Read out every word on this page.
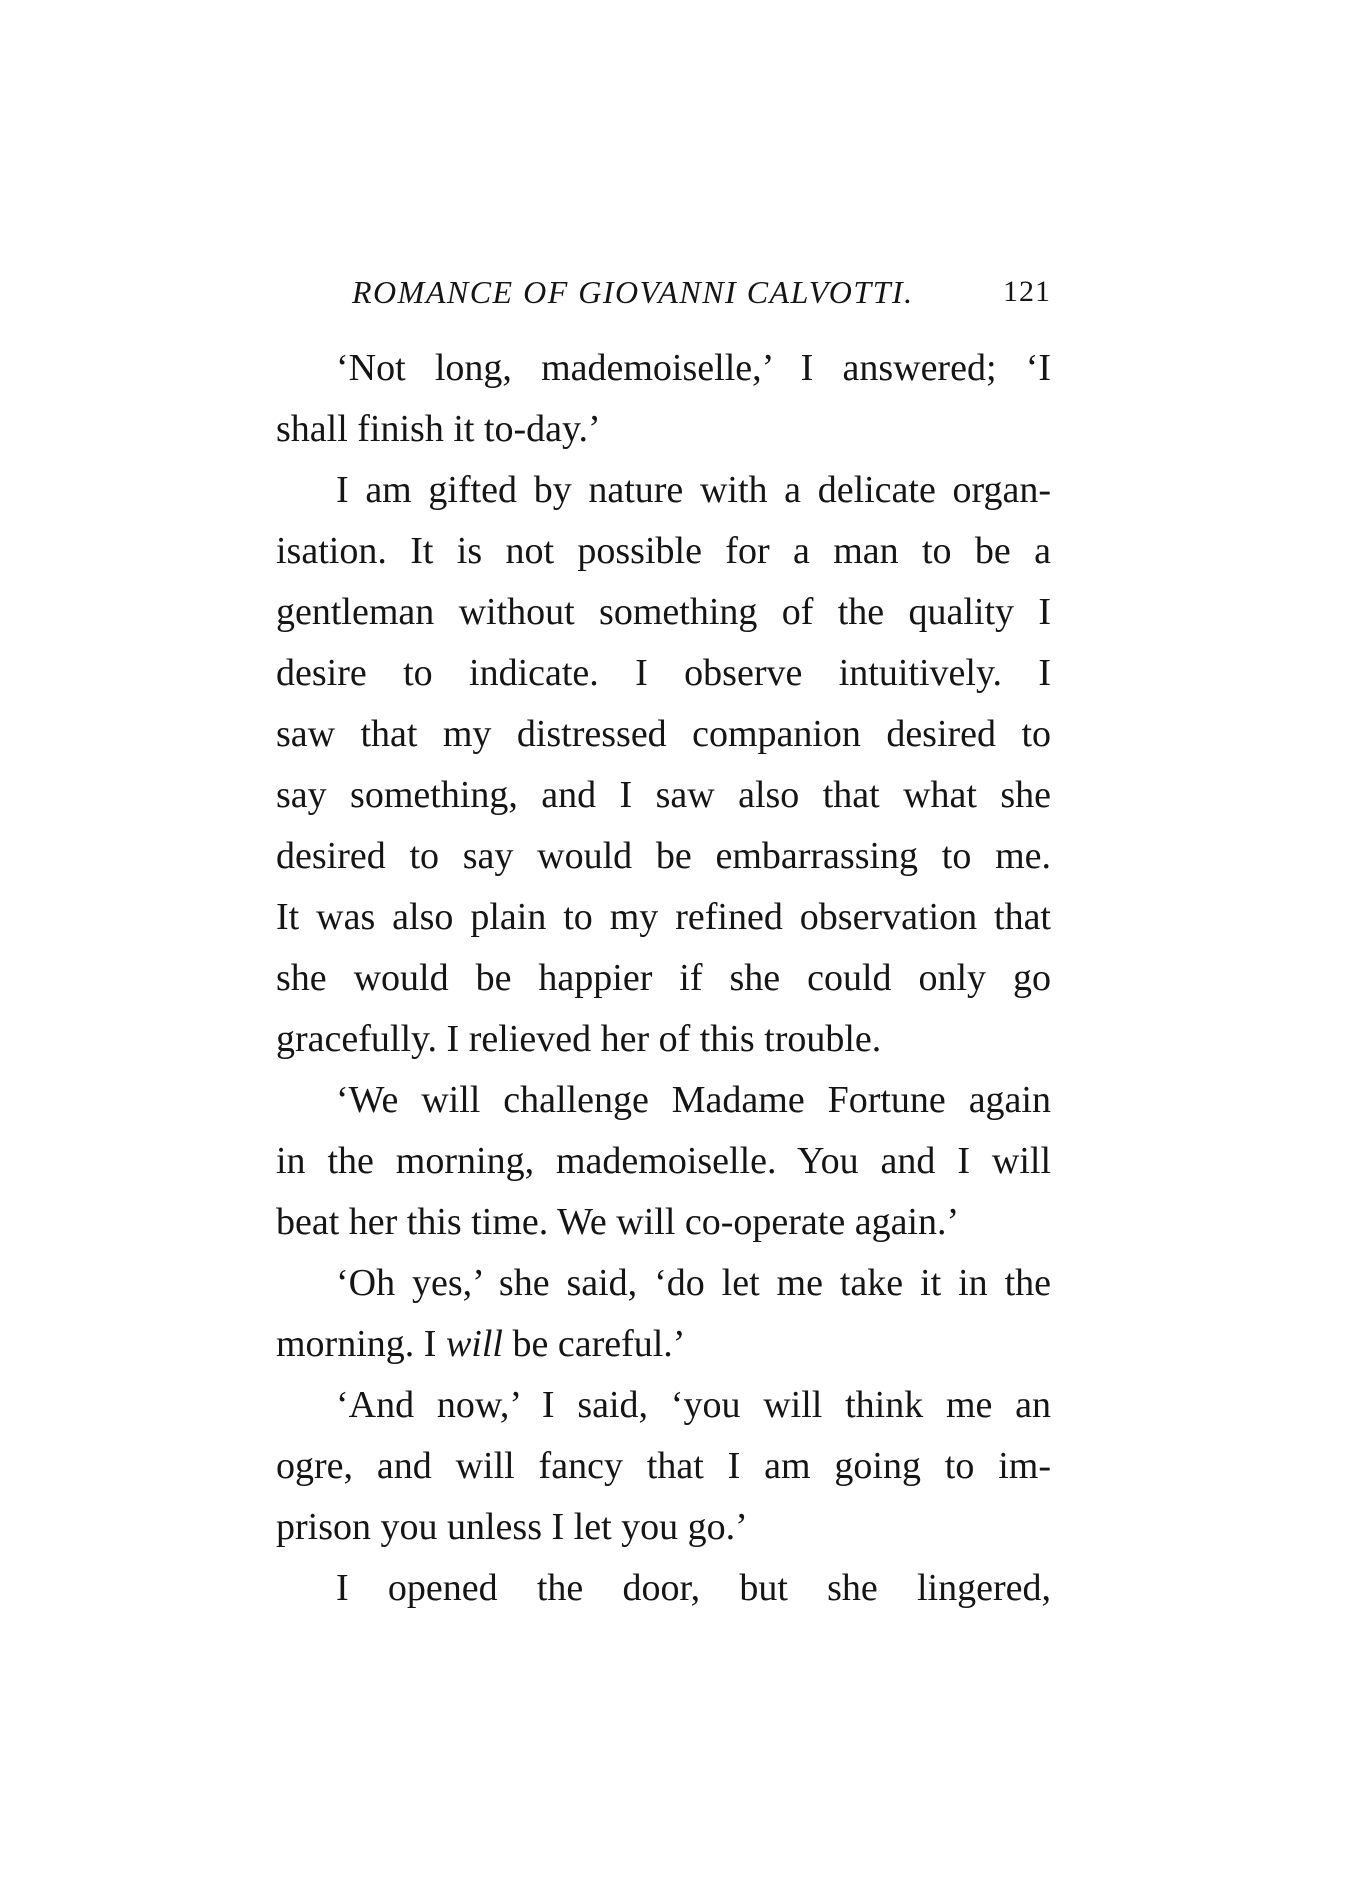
ROMANCE OF GIOVANNI CALVOTTI.	121
‘Not long, mademoiselle,’ I answered; ‘I
shall finish it to-day.’
I am gifted by nature with a delicate organ-
isation. It is not possible for a man to be a
gentleman without something of the quality I
desire to indicate. I observe intuitively. I
saw that my distressed companion desired to
say something, and I saw also that what she
desired to say would be embarrassing to me.
It was also plain to my refined observation that
she would be happier if she could only go
gracefully. I relieved her of this trouble.
‘We will challenge Madame Fortune again
in the morning, mademoiselle. You and I will
beat her this time. We will co-operate again.’
‘Oh yes,’ she said, ‘do let me take it in the
morning. I will be careful.’
‘And now,’ I said, ‘you will think me an
ogre, and will fancy that I am going to im-
prison you unless I let you go.’
I opened the door, but she lingered,
